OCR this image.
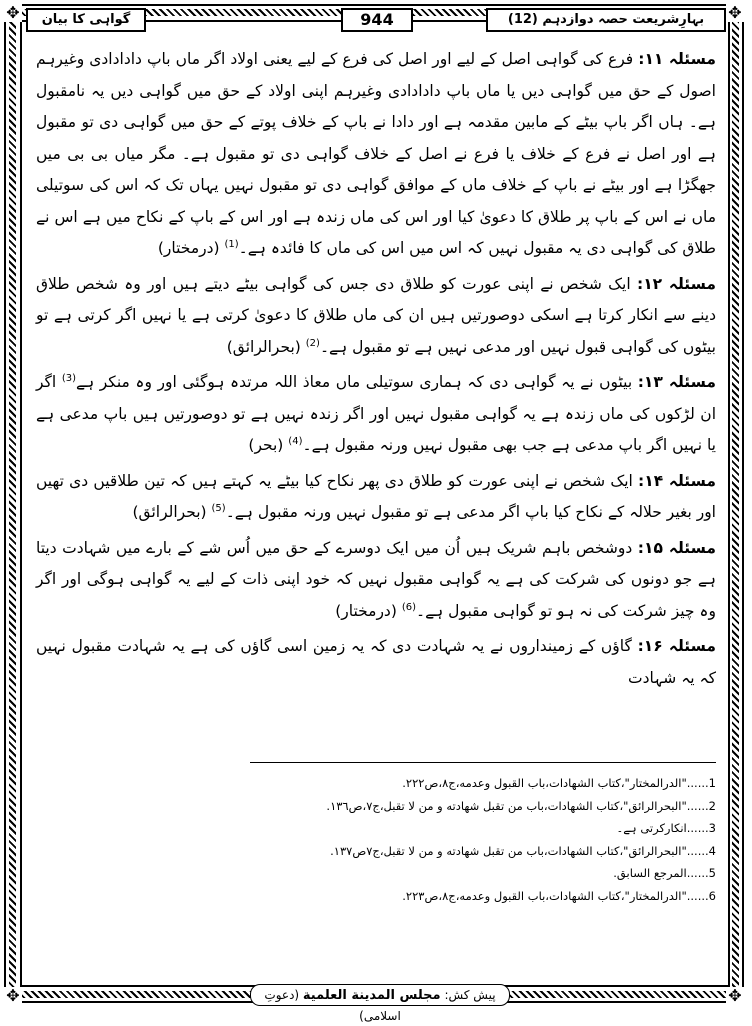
✥	✥
✥	✥
بہارِشریعت حصہ دوازدہم (12)
944
گواہی کا بیان

مسئلہ ۱۱: فرع کی گواہی اصل کے لیے اور اصل کی فرع کے لیے یعنی اولاد اگر ماں باپ دادادادی وغیرہم اصول کے حق میں گواہی دیں یا ماں باپ دادادادی وغیرہم اپنی اولاد کے حق میں گواہی دیں یہ نامقبول ہے۔ ہاں اگر باپ بیٹے کے مابین مقدمہ ہے اور دادا نے باپ کے خلاف پوتے کے حق میں گواہی دی تو مقبول ہے اور اصل نے فرع کے خلاف یا فرع نے اصل کے خلاف گواہی دی تو مقبول ہے۔ مگر میاں بی بی میں جھگڑا ہے اور بیٹے نے باپ کے خلاف ماں کے موافق گواہی دی تو مقبول نہیں یہاں تک کہ اس کی سوتیلی ماں نے اس کے باپ پر طلاق کا دعویٰ کیا اور اس کی ماں زندہ ہے اور اس کے باپ کے نکاح میں ہے اس نے طلاق کی گواہی دی یہ مقبول نہیں کہ اس میں اس کی ماں کا فائدہ ہے۔$^{(1)}$ (درمختار)

مسئلہ ۱۲: ایک شخص نے اپنی عورت کو طلاق دی جس کی گواہی بیٹے دیتے ہیں اور وہ شخص طلاق دینے سے انکار کرتا ہے اسکی دوصورتیں ہیں ان کی ماں طلاق کا دعویٰ کرتی ہے یا نہیں اگر کرتی ہے تو بیٹوں کی گواہی قبول نہیں اور مدعی نہیں ہے تو مقبول ہے۔$^{(2)}$ (بحرالرائق)

مسئلہ ۱۳: بیٹوں نے یہ گواہی دی کہ ہماری سوتیلی ماں معاذ اللہ مرتدہ ہوگئی اور وہ منکر ہے$^{(3)}$ اگر ان لڑکوں کی ماں زندہ ہے یہ گواہی مقبول نہیں اور اگر زندہ نہیں ہے تو دوصورتیں ہیں باپ مدعی ہے یا نہیں اگر باپ مدعی ہے جب بھی مقبول نہیں ورنہ مقبول ہے۔$^{(4)}$ (بحر)

مسئلہ ۱۴: ایک شخص نے اپنی عورت کو طلاق دی پھر نکاح کیا بیٹے یہ کہتے ہیں کہ تین طلاقیں دی تھیں اور بغیر حلالہ کے نکاح کیا باپ اگر مدعی ہے تو مقبول نہیں ورنہ مقبول ہے۔$^{(5)}$ (بحرالرائق)

مسئلہ ۱۵: دوشخص باہم شریک ہیں اُن میں ایک دوسرے کے حق میں اُس شے کے بارے میں شہادت دیتا ہے جو دونوں کی شرکت کی ہے یہ گواہی مقبول نہیں کہ خود اپنی ذات کے لیے یہ گواہی ہوگی اور اگر وہ چیز شرکت کی نہ ہو تو گواہی مقبول ہے۔$^{(6)}$ (درمختار)

مسئلہ ۱۶: گاؤں کے زمینداروں نے یہ شہادت دی کہ یہ زمین اسی گاؤں کی ہے یہ شہادت مقبول نہیں کہ یہ شہادت

1......"الدرالمختار"،كتاب الشهادات،باب القبول وعدمه،ج٨،ص٢٢٢.
2......"البحرالرائق"،كتاب الشهادات،باب من تقبل شهادته و من لا تقبل،ج٧،ص١٣٦.
3......انکارکرتی ہے۔
4......"البحرالرائق"،كتاب الشهادات،باب من تقبل شهادته و من لا تقبل،ج٧ص١٣٧.
5......المرجع السابق.
6......"الدرالمختار"،كتاب الشهادات،باب القبول وعدمه،ج٨،ص٢٢٣.
پیش کش: مجلس المدینة العلمیة (دعوتِ اسلامی)
